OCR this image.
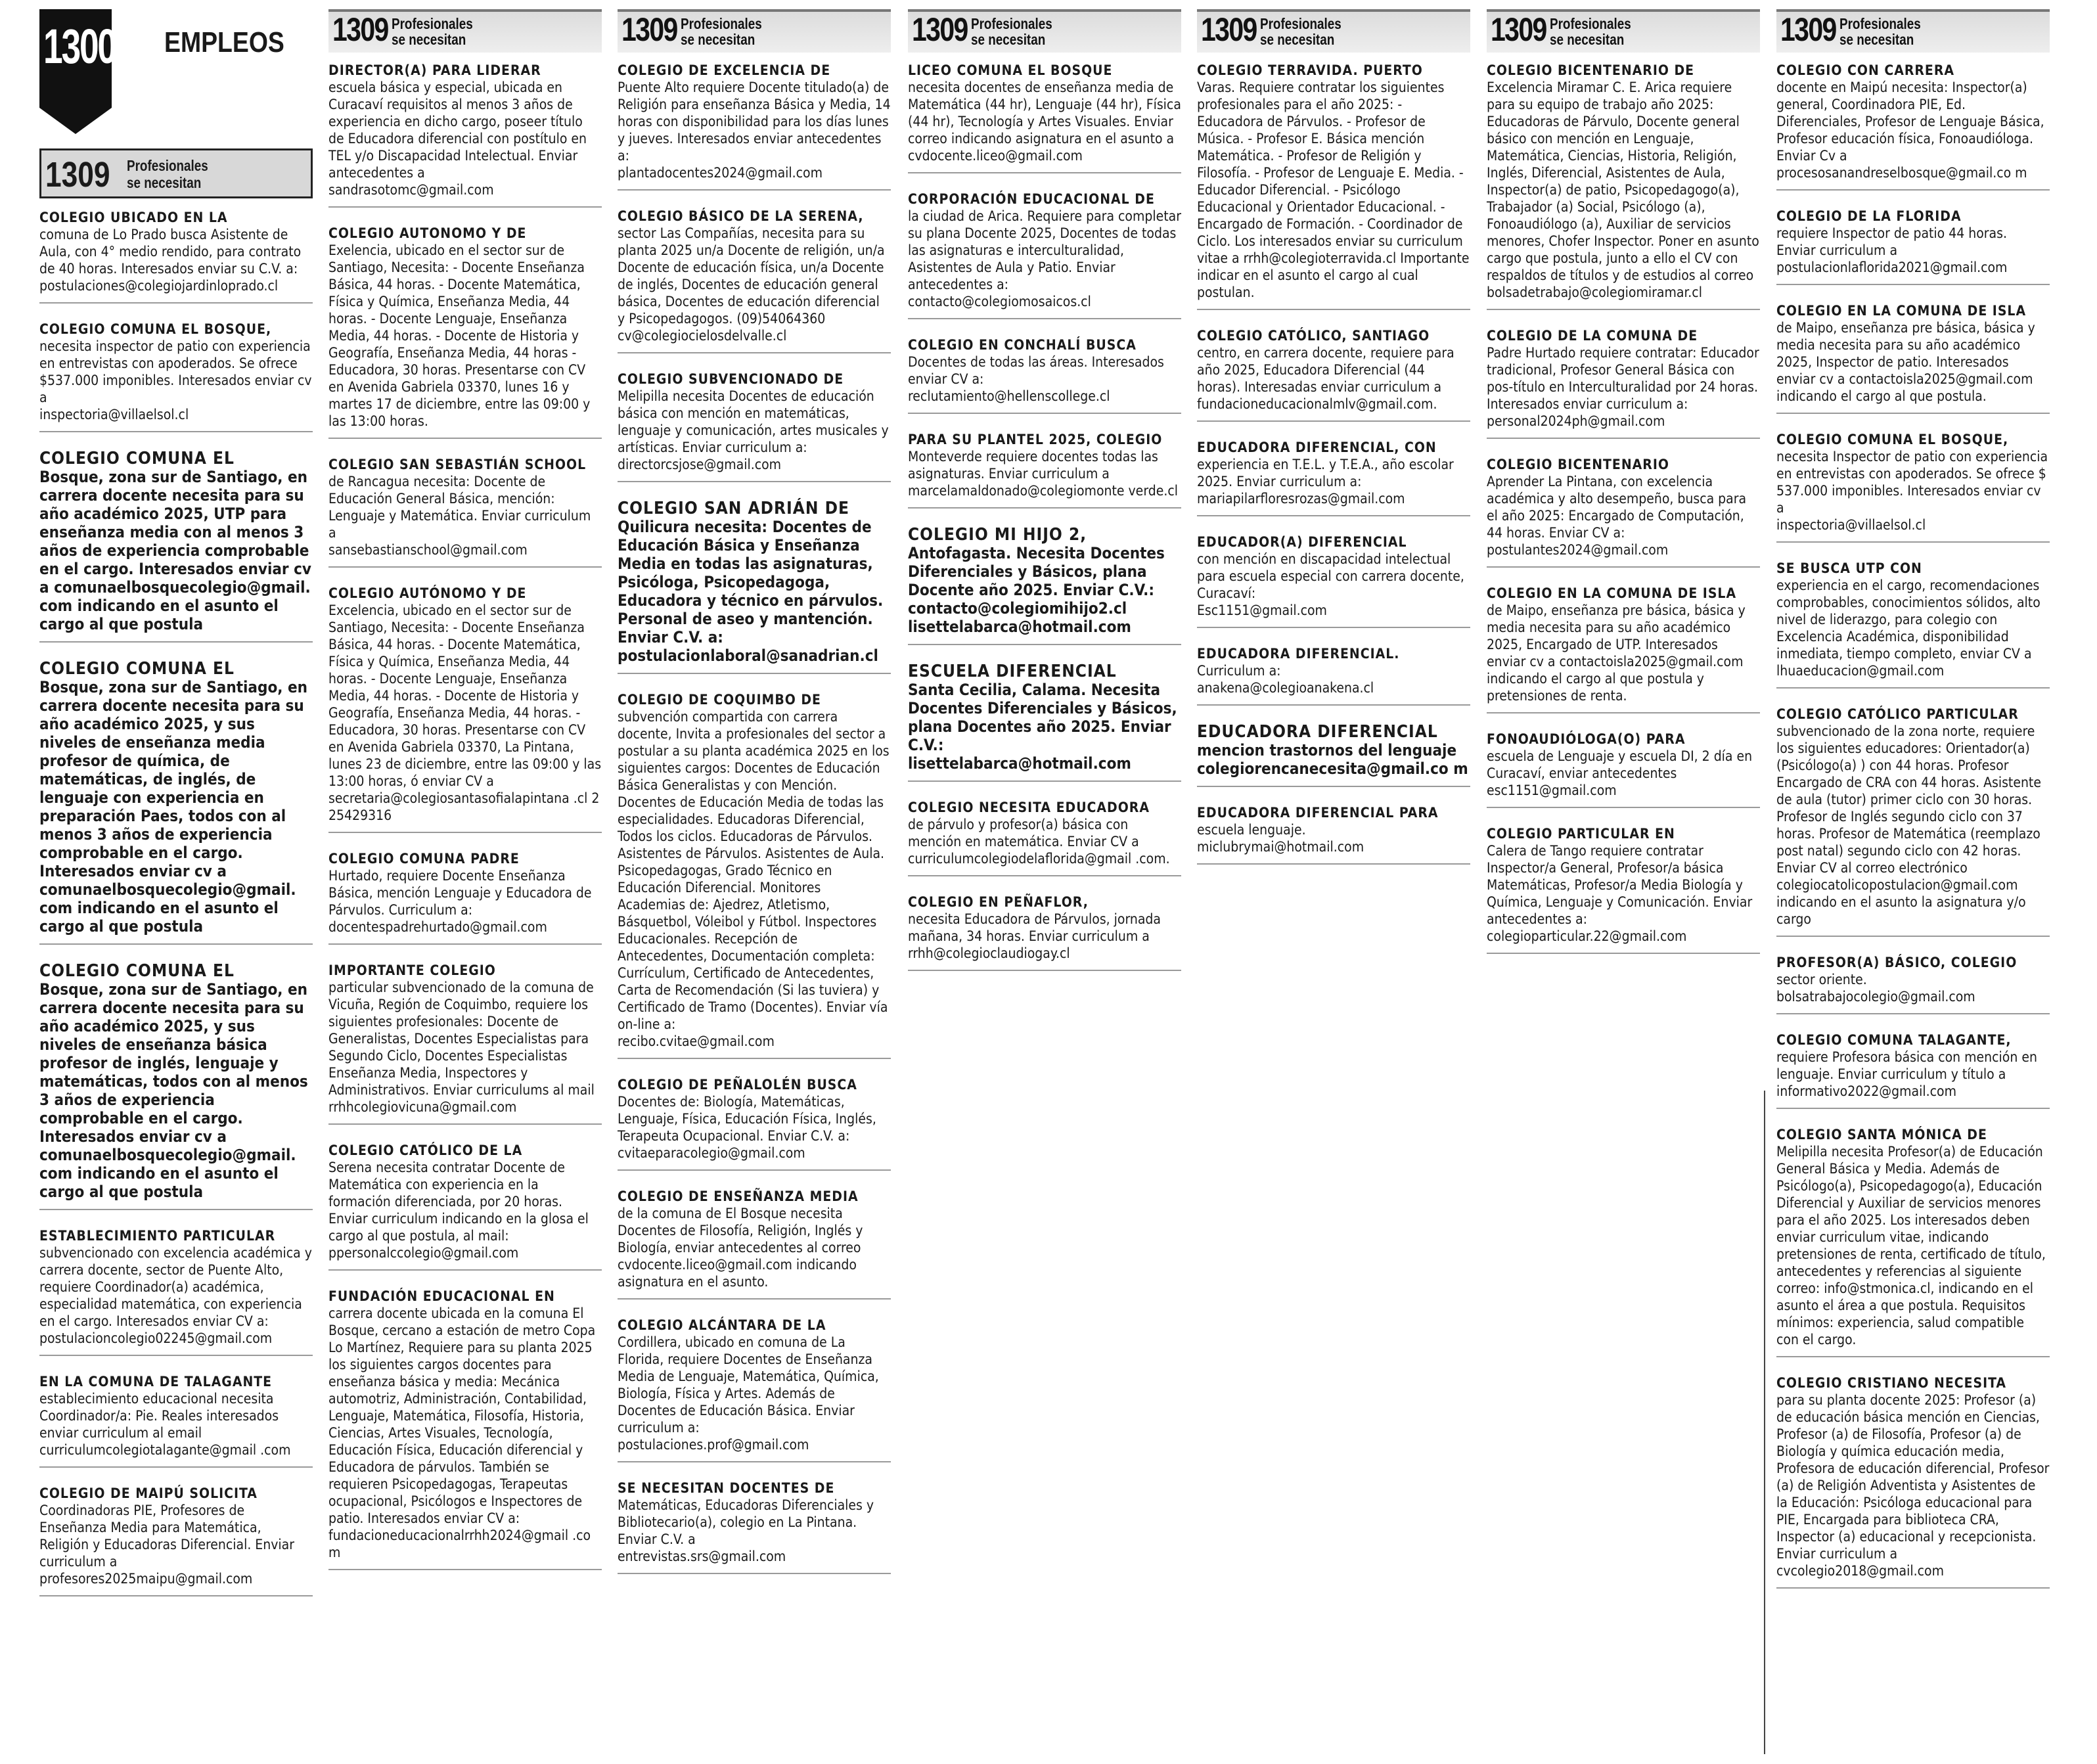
1300 EMPLEOS
1309 Profesionales
se necesitan
COLEGIO UBICADO EN LA
comuna de Lo Prado busca Asistente de Aula, con 4° medio rendido, para contrato de 40 horas. Interesados enviar su C.V. a:
postulaciones@colegiojardinloprado.cl
COLEGIO COMUNA EL BOSQUE,
necesita inspector de patio con experiencia en entrevistas con apoderados. Se ofrece $537.000 imponibles. Interesados enviar cv a
inspectoria@villaelsol.cl
COLEGIO COMUNA EL
Bosque, zona sur de Santiago, en carrera docente necesita para su año académico 2025, UTP para enseñanza media con al menos 3 años de experiencia comprobable en el cargo. Interesados enviar cv a comunaelbosquecolegio@gmail. com indicando en el asunto el cargo al que postula
COLEGIO COMUNA EL
Bosque, zona sur de Santiago, en carrera docente necesita para su año académico 2025, y sus niveles de enseñanza media profesor de química, de matemáticas, de inglés, de lenguaje con experiencia en preparación Paes, todos con al menos 3 años de experiencia comprobable en el cargo. Interesados enviar cv a comunaelbosquecolegio@gmail. com indicando en el asunto el cargo al que postula
COLEGIO COMUNA EL
Bosque, zona sur de Santiago, en carrera docente necesita para su año académico 2025, y sus niveles de enseñanza básica profesor de inglés, lenguaje y matemáticas, todos con al menos 3 años de experiencia comprobable en el cargo. Interesados enviar cv a comunaelbosquecolegio@gmail. com indicando en el asunto el cargo al que postula
ESTABLECIMIENTO PARTICULAR
subvencionado con excelencia académica y carrera docente, sector de Puente Alto, requiere Coordinador(a) académica, especialidad matemática, con experiencia en el cargo. Interesados enviar CV a:
postulacioncolegio02245@gmail.com
EN LA COMUNA DE TALAGANTE
establecimiento educacional necesita Coordinador/a: Pie. Reales interesados enviar curriculum al email
curriculumcolegiotalagante@gmail .com
COLEGIO DE MAIPÚ SOLICITA
Coordinadoras PIE, Profesores de Enseñanza Media para Matemática, Religión y Educadoras Diferencial. Enviar curriculum a
profesores2025maipu@gmail.com
1309 Profesionales
se necesitan
DIRECTOR(A) PARA LIDERAR
escuela básica y especial, ubicada en Curacaví requisitos al menos 3 años de experiencia en dicho cargo, poseer título de Educadora diferencial con postítulo en TEL y/o Discapacidad Intelectual. Enviar antecedentes a
sandrasotomc@gmail.com
COLEGIO AUTONOMO Y DE
Exelencia, ubicado en el sector sur de Santiago, Necesita: - Docente Enseñanza Básica, 44 horas. - Docente Matemática, Física y Química, Enseñanza Media, 44 horas. - Docente Lenguaje, Enseñanza Media, 44 horas. - Docente de Historia y Geografía, Enseñanza Media, 44 horas - Educadora, 30 horas. Presentarse con CV en Avenida Gabriela 03370, lunes 16 y martes 17 de diciembre, entre las 09:00 y las 13:00 horas.
COLEGIO SAN SEBASTIÁN SCHOOL
de Rancagua necesita: Docente de Educación General Básica, mención: Lenguaje y Matemática. Enviar curriculum a
sansebastianschool@gmail.com
COLEGIO AUTÓNOMO Y DE
Excelencia, ubicado en el sector sur de Santiago, Necesita: - Docente Enseñanza Básica, 44 horas. - Docente Matemática, Física y Química, Enseñanza Media, 44 horas. - Docente Lenguaje, Enseñanza Media, 44 horas. - Docente de Historia y Geografía, Enseñanza Media, 44 horas. - Educadora, 30 horas. Presentarse con CV en Avenida Gabriela 03370, La Pintana, lunes 23 de diciembre, entre las 09:00 y las 13:00 horas, ó enviar CV a
secretaria@colegiosantasofialapintana .cl 225429316
COLEGIO COMUNA PADRE
Hurtado, requiere Docente Enseñanza Básica, mención Lenguaje y Educadora de Párvulos. Curriculum a:
docentespadrehurtado@gmail.com
IMPORTANTE COLEGIO
particular subvencionado de la comuna de Vicuña, Región de Coquimbo, requiere los siguientes profesionales: Docente de Generalistas, Docentes Especialistas para Segundo Ciclo, Docentes Especialistas Enseñanza Media, Inspectores y Administrativos. Enviar curriculums al mail
rrhhcolegiovicuna@gmail.com
COLEGIO CATÓLICO DE LA
Serena necesita contratar Docente de Matemática con experiencia en la formación diferenciada, por 20 horas. Enviar curriculum indicando en la glosa el cargo al que postula, al mail:
ppersonalccolegio@gmail.com
FUNDACIÓN EDUCACIONAL EN
carrera docente ubicada en la comuna El Bosque, cercano a estación de metro Copa Lo Martínez, Requiere para su planta 2025 los siguientes cargos docentes para enseñanza básica y media: Mecánica automotriz, Administración, Contabilidad, Lenguaje, Matemática, Filosofía, Historia, Ciencias, Artes Visuales, Tecnología, Educación Física, Educación diferencial y Educadora de párvulos. También se requieren Psicopedagogas, Terapeutas ocupacional, Psicólogos e Inspectores de patio. Interesados enviar CV a:
fundacioneducacionalrrhh2024@gmail .com
1309 Profesionales
se necesitan
COLEGIO DE EXCELENCIA DE
Puente Alto requiere Docente titulado(a) de Religión para enseñanza Básica y Media, 14 horas con disponibilidad para los días lunes y jueves. Interesados enviar antecedentes a:
plantadocentes2024@gmail.com
COLEGIO BÁSICO DE LA SERENA,
sector Las Compañías, necesita para su planta 2025 un/a Docente de religión, un/a Docente de educación física, un/a Docente de inglés, Docentes de educación general básica, Docentes de educación diferencial y Psicopedagogos. (09)54064360
cv@colegiocielosdelvalle.cl
COLEGIO SUBVENCIONADO DE
Melipilla necesita Docentes de educación básica con mención en matemáticas, lenguaje y comunicación, artes musicales y artísticas. Enviar curriculum a:
directorcsjose@gmail.com
COLEGIO SAN ADRIÁN DE
Quilicura necesita: Docentes de Educación Básica y Enseñanza Media en todas las asignaturas, Psicóloga, Psicopedagoga, Educadora y técnico en párvulos. Personal de aseo y mantención. Enviar C.V. a:
postulacionlaboral@sanadrian.cl
COLEGIO DE COQUIMBO DE
subvención compartida con carrera docente, Invita a profesionales del sector a postular a su planta académica 2025 en los siguientes cargos: Docentes de Educación Básica Generalistas y con Mención. Docentes de Educación Media de todas las especialidades. Educadoras Diferencial, Todos los ciclos. Educadoras de Párvulos. Asistentes de Párvulos. Asistentes de Aula. Psicopedagogas, Grado Técnico en Educación Diferencial. Monitores Academias de: Ajedrez, Atletismo, Básquetbol, Vóleibol y Fútbol. Inspectores Educacionales. Recepción de Antecedentes, Documentación completa: Currículum, Certificado de Antecedentes, Carta de Recomendación (Si las tuviera) y Certificado de Tramo (Docentes). Enviar vía on-line a:
recibo.cvitae@gmail.com
COLEGIO DE PEÑALOLÉN BUSCA
Docentes de: Biología, Matemáticas, Lenguaje, Física, Educación Física, Inglés, Terapeuta Ocupacional. Enviar C.V. a:
cvitaeparacolegio@gmail.com
COLEGIO DE ENSEÑANZA MEDIA
de la comuna de El Bosque necesita Docentes de Filosofía, Religión, Inglés y Biología, enviar antecedentes al correo cvdocente.liceo@gmail.com indicando asignatura en el asunto.
COLEGIO ALCÁNTARA DE LA
Cordillera, ubicado en comuna de La Florida, requiere Docentes de Enseñanza Media de Lenguaje, Matemática, Química, Biología, Física y Artes. Además de Docentes de Educación Básica. Enviar curriculum a:
postulaciones.prof@gmail.com
SE NECESITAN DOCENTES DE
Matemáticas, Educadoras Diferenciales y Bibliotecario(a), colegio en La Pintana. Enviar C.V. a
entrevistas.srs@gmail.com
1309 Profesionales
se necesitan
LICEO COMUNA EL BOSQUE
necesita docentes de enseñanza media de Matemática (44 hr), Lenguaje (44 hr), Física (44 hr), Tecnología y Artes Visuales. Enviar correo indicando asignatura en el asunto a
cvdocente.liceo@gmail.com
CORPORACIÓN EDUCACIONAL DE
la ciudad de Arica. Requiere para completar su plana Docente 2025, Docentes de todas las asignaturas e interculturalidad, Asistentes de Aula y Patio. Enviar antecedentes a:
contacto@colegiomosaicos.cl
COLEGIO EN CONCHALÍ BUSCA
Docentes de todas las áreas. Interesados enviar CV a:
reclutamiento@hellenscollege.cl
PARA SU PLANTEL 2025, COLEGIO
Monteverde requiere docentes todas las asignaturas. Enviar curriculum a
marcelamaldonado@colegiomonte verde.cl
COLEGIO MI HIJO 2,
Antofagasta. Necesita Docentes Diferenciales y Básicos, plana Docente año 2025. Enviar C.V.: contacto@colegiomihijo2.cl lisettelabarca@hotmail.com
ESCUELA DIFERENCIAL
Santa Cecilia, Calama. Necesita Docentes Diferenciales y Básicos, plana Docentes año 2025. Enviar C.V.:
lisettelabarca@hotmail.com
COLEGIO NECESITA EDUCADORA
de párvulo y profesor(a) básica con mención en matemática. Enviar CV a
curriculumcolegiodelaflorida@gmail .com.
COLEGIO EN PEÑAFLOR,
necesita Educadora de Párvulos, jornada mañana, 34 horas. Enviar curriculum a
rrhh@colegioclaudiogay.cl
1309 Profesionales
se necesitan
COLEGIO TERRAVIDA. PUERTO
Varas. Requiere contratar los siguientes profesionales para el año 2025: - Educadora de Párvulos. - Profesor de Música. - Profesor E. Básica mención Matemática. - Profesor de Religión y Filosofía. - Profesor de Lenguaje E. Media. - Educador Diferencial. - Psicólogo Educacional y Orientador Educacional. - Encargado de Formación. - Coordinador de Ciclo. Los interesados enviar su curriculum vitae a rrhh@colegioterravida.cl Importante indicar en el asunto el cargo al cual postulan.
COLEGIO CATÓLICO, SANTIAGO
centro, en carrera docente, requiere para año 2025, Educadora Diferencial (44 horas). Interesadas enviar curriculum a
fundacioneducacionalmlv@gmail.com.
EDUCADORA DIFERENCIAL, CON
experiencia en T.E.L. y T.E.A., año escolar 2025. Enviar curriculum a:
mariapilarfloresrozas@gmail.com
EDUCADOR(A) DIFERENCIAL
con mención en discapacidad intelectual para escuela especial con carrera docente, Curacaví:
Esc1151@gmail.com
EDUCADORA DIFERENCIAL.
Curriculum a:
anakena@colegioanakena.cl
EDUCADORA DIFERENCIAL
mencion trastornos del lenguaje
colegiorencanecesita@gmail.co m
EDUCADORA DIFERENCIAL PARA
escuela lenguaje.
miclubrymai@hotmail.com
1309 Profesionales
se necesitan
COLEGIO BICENTENARIO DE
Excelencia Miramar C. E. Arica requiere para su equipo de trabajo año 2025: Educadoras de Párvulo, Docente general básico con mención en Lenguaje, Matemática, Ciencias, Historia, Religión, Inglés, Diferencial, Asistentes de Aula, Inspector(a) de patio, Psicopedagogo(a), Trabajador (a) Social, Psicólogo (a), Fonoaudiólogo (a), Auxiliar de servicios menores, Chofer Inspector. Poner en asunto cargo que postula, junto a ello el CV con respaldos de títulos y de estudios al correo
bolsadetrabajo@colegiomiramar.cl
COLEGIO DE LA COMUNA DE
Padre Hurtado requiere contratar: Educador tradicional, Profesor General Básica con pos-título en Interculturalidad por 24 horas. Interesados enviar curriculum a:
personal2024ph@gmail.com
COLEGIO BICENTENARIO
Aprender La Pintana, con excelencia académica y alto desempeño, busca para el año 2025: Encargado de Computación, 44 horas. Enviar CV a:
postulantes2024@gmail.com
COLEGIO EN LA COMUNA DE ISLA
de Maipo, enseñanza pre básica, básica y media necesita para su año académico 2025, Encargado de UTP. Interesados enviar cv a contactoisla2025@gmail.com indicando el cargo al que postula y pretensiones de renta.
FONOAUDIÓLOGA(O) PARA
escuela de Lenguaje y escuela DI, 2 día en Curacaví, enviar antecedentes
esc1151@gmail.com
COLEGIO PARTICULAR EN
Calera de Tango requiere contratar Inspector/a General, Profesor/a básica Matemáticas, Profesor/a Media Biología y Química, Lenguaje y Comunicación. Enviar antecedentes a:
colegioparticular.22@gmail.com
1309 Profesionales
se necesitan
COLEGIO CON CARRERA
docente en Maipú necesita: Inspector(a) general, Coordinadora PIE, Ed. Diferenciales, Profesor de Lenguaje Básica, Profesor educación física, Fonoaudióloga. Enviar Cv a
procesosanandreselbosque@gmail.co m
COLEGIO DE LA FLORIDA
requiere Inspector de patio 44 horas. Enviar curriculum a
postulacionlaflorida2021@gmail.com
COLEGIO EN LA COMUNA DE ISLA
de Maipo, enseñanza pre básica, básica y media necesita para su año académico 2025, Inspector de patio. Interesados enviar cv a contactoisla2025@gmail.com indicando el cargo al que postula.
COLEGIO COMUNA EL BOSQUE,
necesita Inspector de patio con experiencia en entrevistas con apoderados. Se ofrece $ 537.000 imponibles. Interesados enviar cv a
inspectoria@villaelsol.cl
SE BUSCA UTP CON
experiencia en el cargo, recomendaciones comprobables, conocimientos sólidos, alto nivel de liderazgo, para colegio con Excelencia Académica, disponibilidad inmediata, tiempo completo, enviar CV a
lhuaeducacion@gmail.com
COLEGIO CATÓLICO PARTICULAR
subvencionado de la zona norte, requiere los siguientes educadores: Orientador(a) (Psicólogo(a) ) con 44 horas. Profesor Encargado de CRA con 44 horas. Asistente de aula (tutor) primer ciclo con 30 horas. Profesor de Inglés segundo ciclo con 37 horas. Profesor de Matemática (reemplazo post natal) segundo ciclo con 42 horas. Enviar CV al correo electrónico colegiocatolicopostulacion@gmail.com indicando en el asunto la asignatura y/o cargo
PROFESOR(A) BÁSICO, COLEGIO
sector oriente.
bolsatrabajocolegio@gmail.com
COLEGIO COMUNA TALAGANTE,
requiere Profesora básica con mención en lenguaje. Enviar curriculum y título a
informativo2022@gmail.com
COLEGIO SANTA MÓNICA DE
Melipilla necesita Profesor(a) de Educación General Básica y Media. Además de Psicólogo(a), Psicopedagogo(a), Educación Diferencial y Auxiliar de servicios menores para el año 2025. Los interesados deben enviar curriculum vitae, indicando pretensiones de renta, certificado de título, antecedentes y referencias al siguiente correo: info@stmonica.cl, indicando en el asunto el área a que postula. Requisitos mínimos: experiencia, salud compatible con el cargo.
COLEGIO CRISTIANO NECESITA
para su planta docente 2025: Profesor (a) de educación básica mención en Ciencias, Profesor (a) de Filosofía, Profesor (a) de Biología y química educación media, Profesora de educación diferencial, Profesor (a) de Religión Adventista y Asistentes de la Educación: Psicóloga educacional para PIE, Encargada para biblioteca CRA, Inspector (a) educacional y recepcionista. Enviar curriculum a
cvcolegio2018@gmail.com
